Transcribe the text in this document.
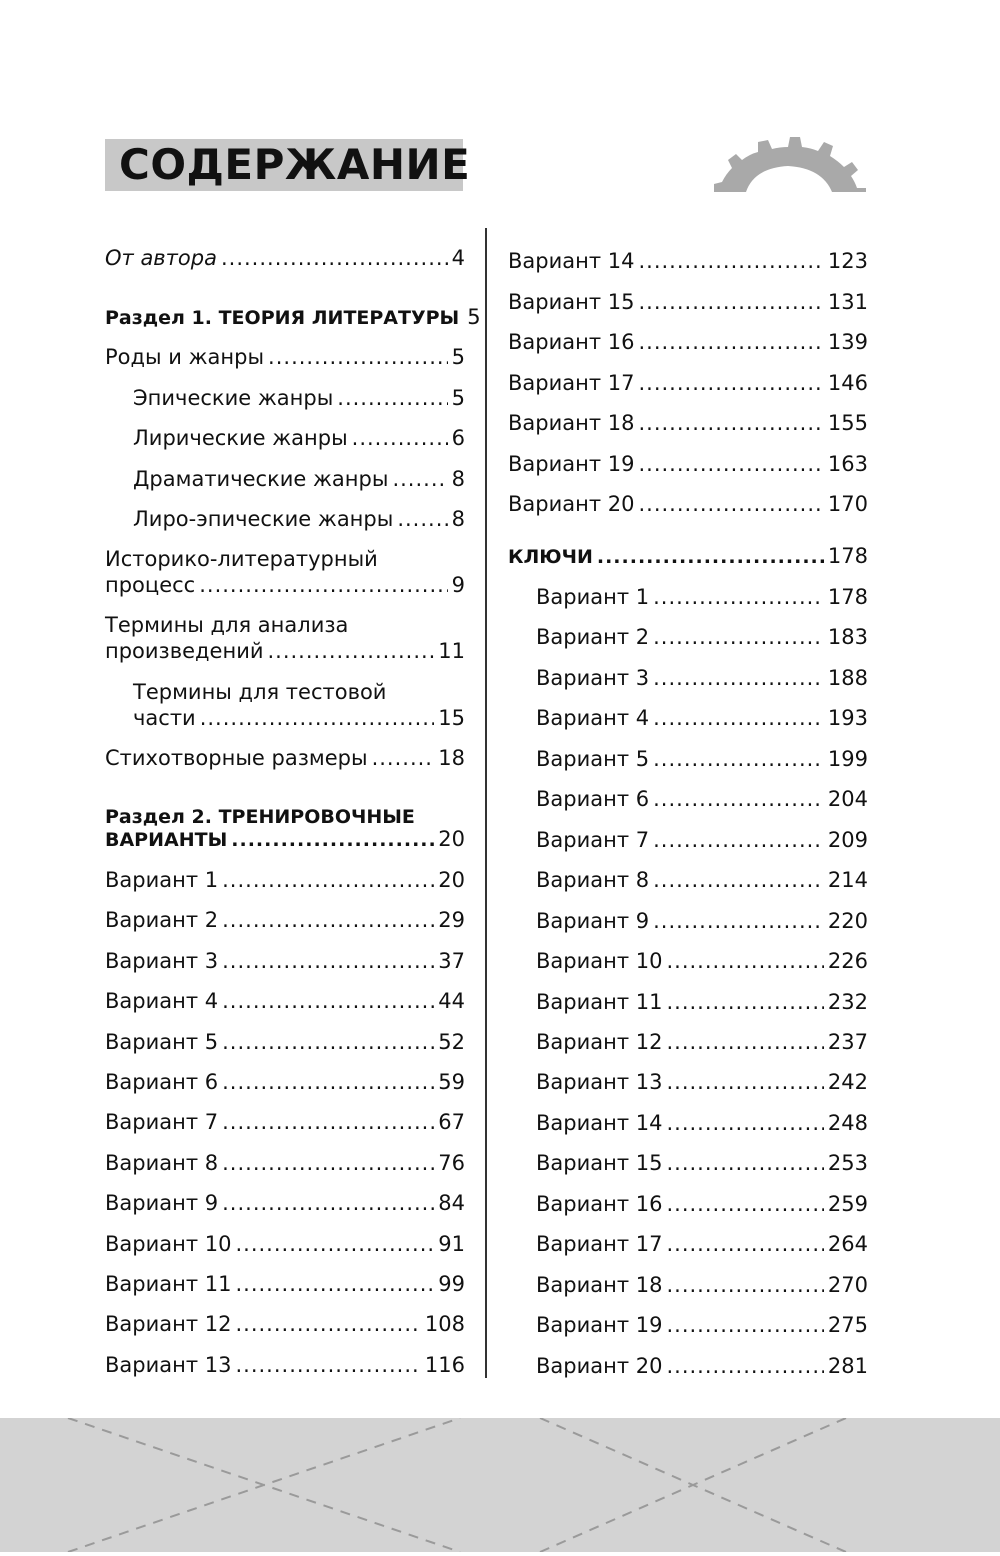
СОДЕРЖАНИЕ
От автора .....	4
Раздел 1. ТЕОРИЯ ЛИТЕРАТУРЫ 5
Роды и жанры .....	5
Эпические жанры .....	5
Лирические жанры .....	6
Драматические жанры .....	8
Лиро-эпические жанры .....	8
Историко-литературный
процесс .....	9
Термины для анализа
произведений .....	11
Термины для тестовой
части .....	15
Стихотворные размеры .....	18
Раздел 2. ТРЕНИРОВОЧНЫЕ
ВАРИАНТЫ .....	20
Вариант 1 .....	20
Вариант 2 .....	29
Вариант 3 .....	37
Вариант 4 .....	44
Вариант 5 .....	52
Вариант 6 .....	59
Вариант 7 .....	67
Вариант 8 .....	76
Вариант 9 .....	84
Вариант 10 .....	91
Вариант 11 .....	99
Вариант 12 .....	108
Вариант 13 .....	116
Вариант 14 .....	123
Вариант 15 .....	131
Вариант 16 .....	139
Вариант 17 .....	146
Вариант 18 .....	155
Вариант 19 .....	163
Вариант 20 .....	170
КЛЮЧИ .....	178
Вариант 1 .....	178
Вариант 2 .....	183
Вариант 3 .....	188
Вариант 4 .....	193
Вариант 5 .....	199
Вариант 6 .....	204
Вариант 7 .....	209
Вариант 8 .....	214
Вариант 9 .....	220
Вариант 10 .....	226
Вариант 11 .....	232
Вариант 12 .....	237
Вариант 13 .....	242
Вариант 14 .....	248
Вариант 15 .....	253
Вариант 16 .....	259
Вариант 17 .....	264
Вариант 18 .....	270
Вариант 19 .....	275
Вариант 20 .....	281
